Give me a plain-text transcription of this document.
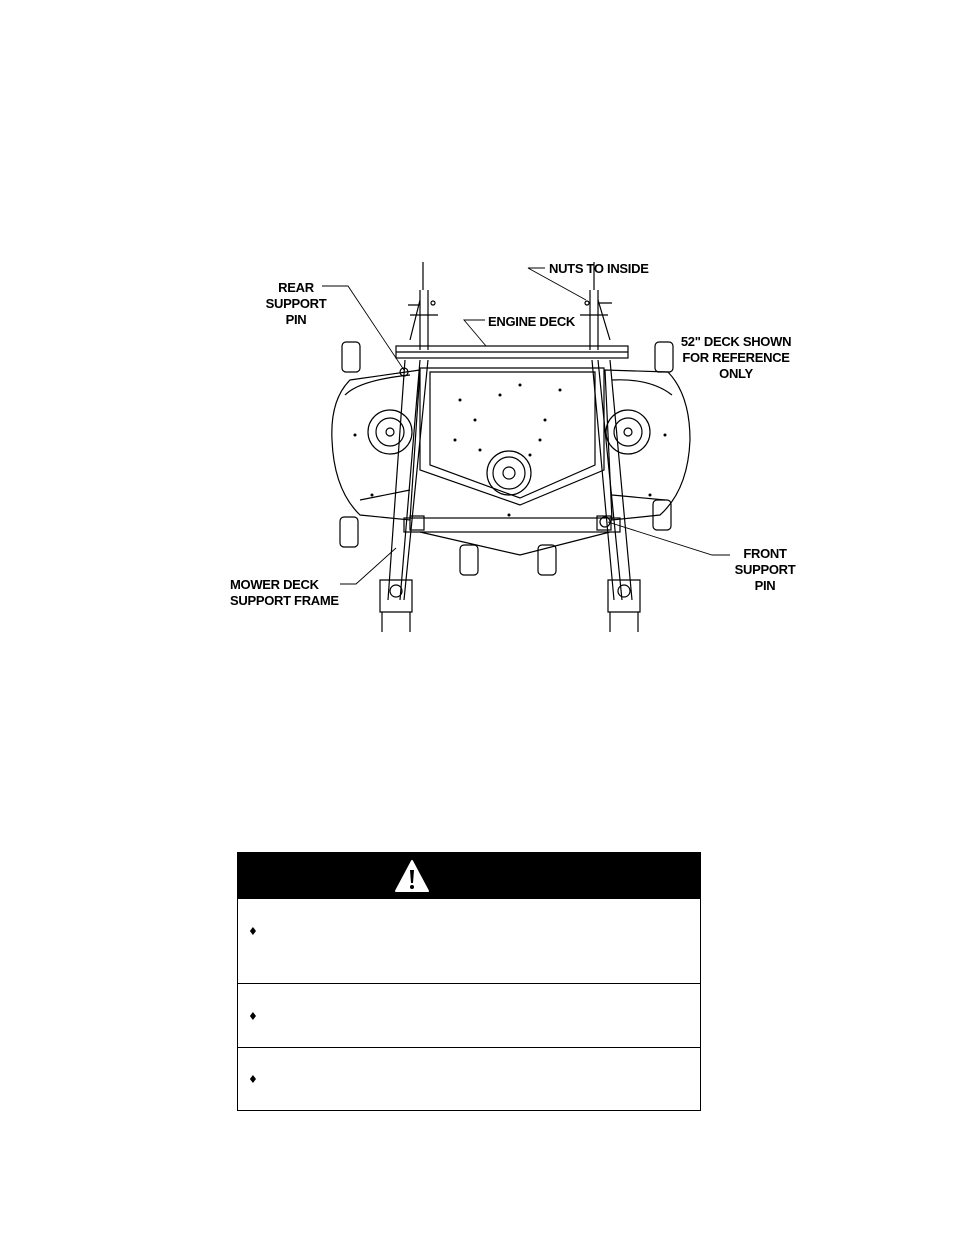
REAR
SUPPORT
PIN
NUTS TO INSIDE
ENGINE DECK
52" DECK SHOWN
FOR REFERENCE
ONLY
FRONT
SUPPORT
PIN
MOWER DECK
SUPPORT FRAME
♦
♦
♦
